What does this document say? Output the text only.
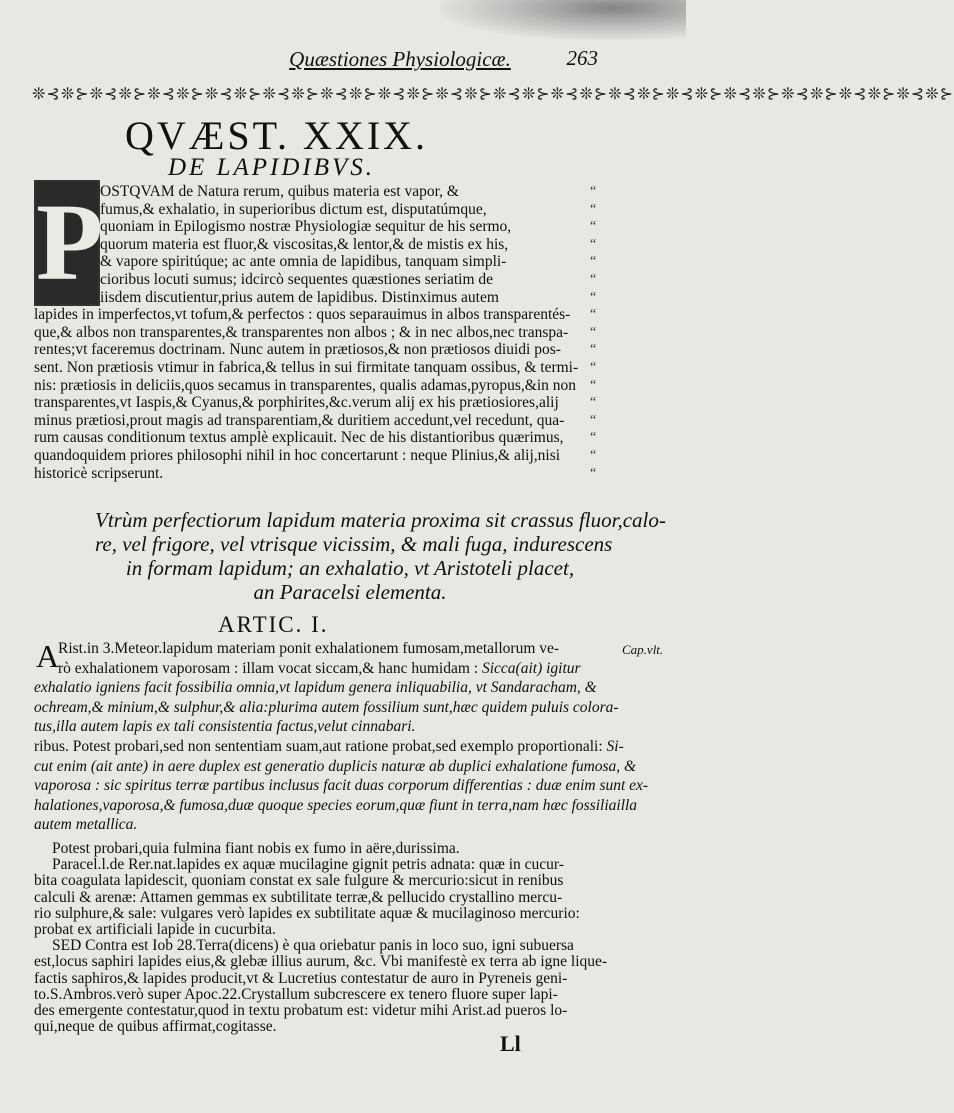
Quæstiones Physiologicæ.	263
❊⊰❊⊱❊⊰❊⊱❊⊰❊⊱❊⊰❊⊱❊⊰❊⊱❊⊰❊⊱❊⊰❊⊱❊⊰❊⊱❊⊰❊⊱❊⊰❊⊱❊⊰❊⊱❊⊰❊⊱❊⊰❊⊱❊⊰❊⊱❊⊰❊⊱❊⊰❊⊱
QVÆST. XXIX.
DE LAPIDIBVS.
P
OSTQVAM de Natura rerum, quibus materia est vapor, &
fumus,& exhalatio, in superioribus dictum est, disputatúmque,
quoniam in Epilogismo nostræ Physiologiæ sequitur de his sermo,
quorum materia est fluor,& viscositas,& lentor,& de mistis ex his,
& vapore spiritúque; ac ante omnia de lapidibus, tanquam simpli-
cioribus locuti sumus; idcircò sequentes quæstiones seriatim de
iisdem discutientur,prius autem de lapidibus. Distinximus autem
lapides in imperfectos,vt tofum,& perfectos : quos separauimus in albos transparentés-
que,& albos non transparentes,& transparentes non albos ; & in nec albos,nec transpa-
rentes;vt faceremus doctrinam. Nunc autem in prætiosos,& non prætiosos diuidi pos-
sent. Non prætiosis vtimur in fabrica,& tellus in sui firmitate tanquam ossibus, & termi-
nis: prætiosis in deliciis,quos secamus in transparentes, qualis adamas,pyropus,&in non
transparentes,vt Iaspis,& Cyanus,& porphirites,&c.verum alij ex his prætiosiores,alij
minus prætiosi,prout magis ad transparentiam,& duritiem accedunt,vel recedunt, qua-
rum causas conditionum textus amplè explicauit. Nec de his distantioribus quærimus,
quandoquidem priores philosophi nihil in hoc concertarunt : neque Plinius,& alij,nisi
historicè scripserunt.
“
“
“
“
“
“
“
“
“
“
“
“
“
“
“
“
“
Vtrùm perfectiorum lapidum materia proxima sit crassus fluor,calo-
re, vel frigore, vel vtrisque vicissim, & mali fuga, indurescens
in formam lapidum; an exhalatio, vt Aristoteli placet,
an Paracelsi elementa.
ARTIC. I.
A	Cap.vlt.
Rist.in 3.Meteor.lapidum materiam ponit exhalationem fumosam,metallorum ve-
rò exhalationem vaporosam : illam vocat siccam,& hanc humidam : Sicca(ait) igitur
exhalatio igniens facit fossibilia omnia,vt lapidum genera inliquabilia, vt Sandaracham, &
ochream,& minium,& sulphur,& alia:plurima autem fossilium sunt,hæc quidem puluis colora-
tus,illa autem lapis ex tali consistentia factus,velut cinnabari.
ribus. Potest probari,sed non sententiam suam,aut ratione probat,sed exemplo proportionali: Si-
cut enim (ait ante) in aere duplex est generatio duplicis naturæ ab duplici exhalatione fumosa, &
vaporosa : sic spiritus terræ partibus inclusus facit duas corporum differentias : duæ enim sunt ex-
halationes,vaporosa,& fumosa,duæ quoque species eorum,quæ fiunt in terra,nam hæc fossiliailla
autem metallica.
Potest probari,quia fulmina fiant nobis ex fumo in aëre,durissima.
Paracel.l.de Rer.nat.lapides ex aquæ mucilagine gignit petris adnata: quæ in cucur-
bita coagulata lapidescit, quoniam constat ex sale fulgure & mercurio:sicut in renibus
calculi & arenæ: Attamen gemmas ex subtilitate terræ,& pellucido crystallino mercu-
rio sulphure,& sale: vulgares verò lapides ex subtilitate aquæ & mucilaginoso mercurio:
probat ex artificiali lapide in cucurbita.
SED Contra est Iob 28.Terra(dicens) è qua oriebatur panis in loco suo, igni subuersa
est,locus saphiri lapides eius,& glebæ illius aurum, &c. Vbi manifestè ex terra ab igne lique-
factis saphiros,& lapides producit,vt & Lucretius contestatur de auro in Pyreneis geni-
to.S.Ambros.verò super Apoc.22.Crystallum subcrescere ex tenero fluore super lapi-
des emergente contestatur,quod in textu probatum est: videtur mihi Arist.ad pueros lo-
qui,neque de quibus affirmat,cogitasse.
Ll
